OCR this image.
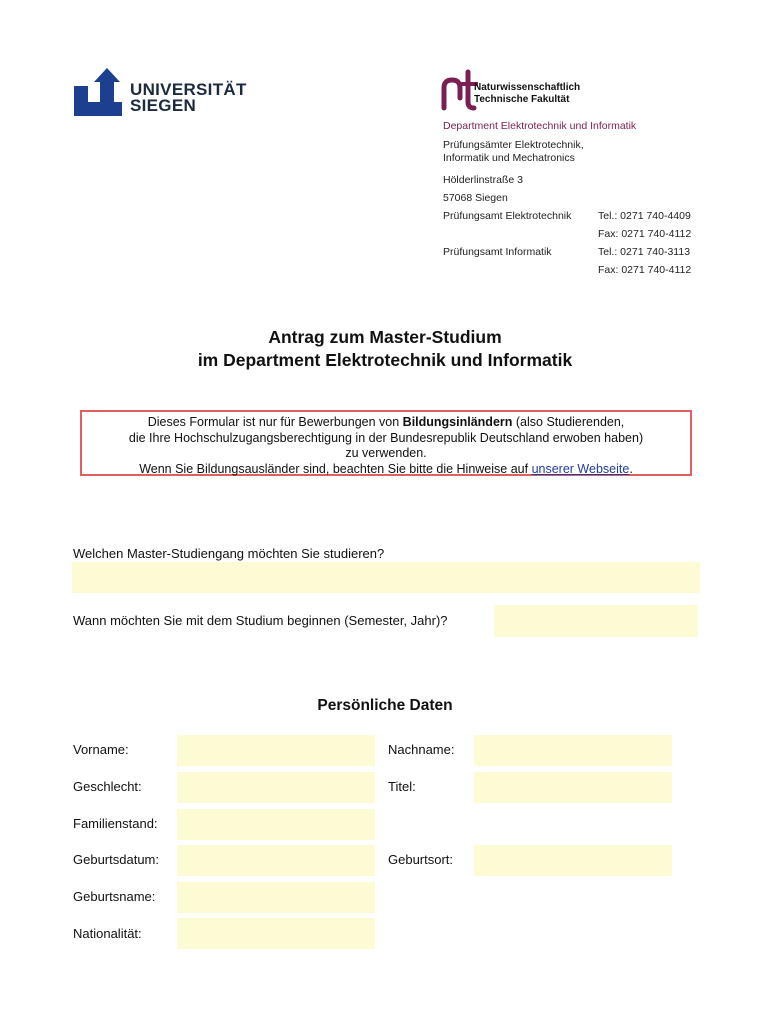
UNIVERSITÄT
SIEGEN
Naturwissenschaftlich
Technische Fakultät
Department Elektrotechnik und Informatik
Prüfungsämter Elektrotechnik,
Informatik und Mechatronics
Hölderlinstraße 3
57068 Siegen
Prüfungsamt Elektrotechnik	Tel.: 0271 740-4409
Fax: 0271 740-4112
Prüfungsamt Informatik	Tel.: 0271 740-3113
Fax: 0271 740-4112
Antrag zum Master-Studium
im Department Elektrotechnik und Informatik
Dieses Formular ist nur für Bewerbungen von Bildungsinländern (also Studierenden,
die Ihre Hochschulzugangsberechtigung in der Bundesrepublik Deutschland erwoben haben)
zu verwenden.
Wenn Sie Bildungsausländer sind, beachten Sie bitte die Hinweise auf unserer Webseite.
Welchen Master-Studiengang möchten Sie studieren?
Wann möchten Sie mit dem Studium beginnen (Semester, Jahr)?
Persönliche Daten
Vorname:	Nachname:
Geschlecht:	Titel:
Familienstand:
Geburtsdatum:	Geburtsort:
Geburtsname:
Nationalität:
